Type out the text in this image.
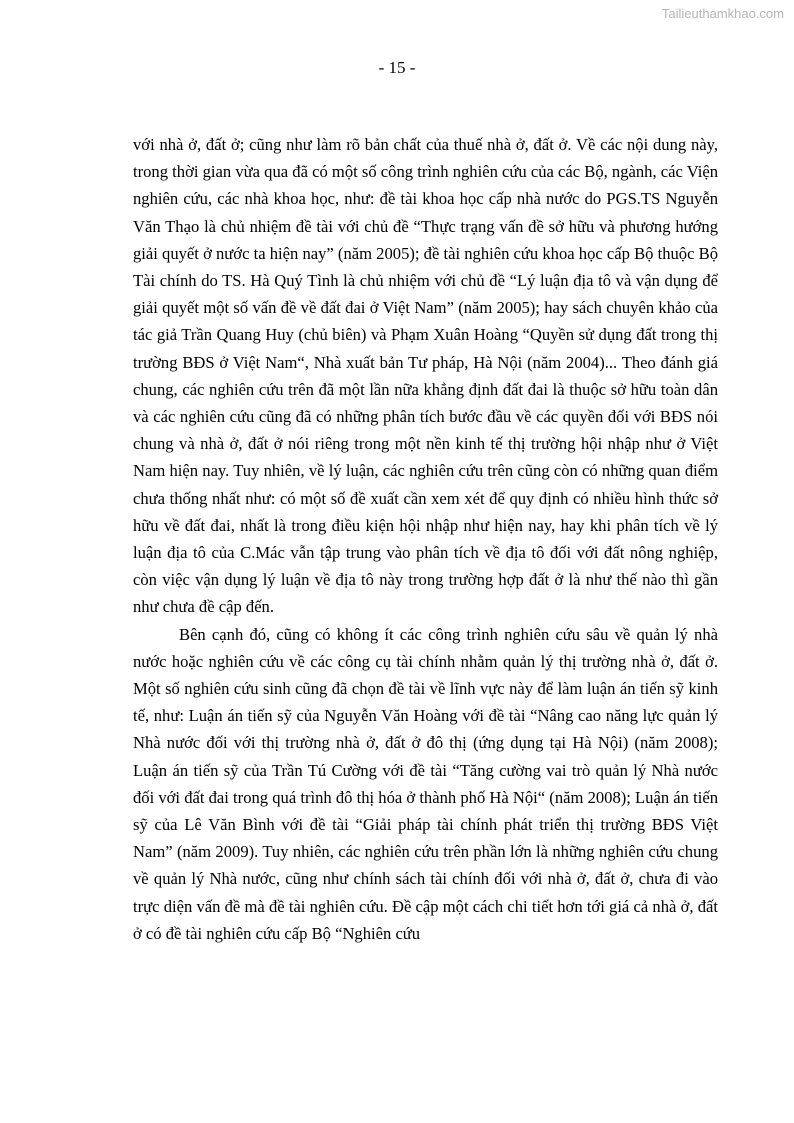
Tailieuthamkhao.com
- 15 -

với nhà ở, đất ở; cũng như làm rõ bản chất của thuế nhà ở, đất ở. Về các nội dung này, trong thời gian vừa qua đã có một số công trình nghiên cứu của các Bộ, ngành, các Viện nghiên cứu, các nhà khoa học, như: đề tài khoa học cấp nhà nước do PGS.TS Nguyễn Văn Thạo là chủ nhiệm đề tài với chủ đề “Thực trạng vấn đề sở hữu và phương hướng giải quyết ở nước ta hiện nay” (năm 2005); đề tài nghiên cứu khoa học cấp Bộ thuộc Bộ Tài chính do TS. Hà Quý Tình là chủ nhiệm với chủ đề “Lý luận địa tô và vận dụng để giải quyết một số vấn đề về đất đai ở Việt Nam” (năm 2005); hay sách chuyên khảo của tác giả Trần Quang Huy (chủ biên) và Phạm Xuân Hoàng “Quyền sử dụng đất trong thị trường BĐS ở Việt Nam“, Nhà xuất bản Tư pháp, Hà Nội (năm 2004)... Theo đánh giá chung, các nghiên cứu trên đã một lần nữa khẳng định đất đai là thuộc sở hữu toàn dân và các nghiên cứu cũng đã có những phân tích bước đầu về các quyền đối với BĐS nói chung và nhà ở, đất ở nói riêng trong một nền kinh tế thị trường hội nhập như ở Việt Nam hiện nay. Tuy nhiên, về lý luận, các nghiên cứu trên cũng còn có những quan điểm chưa thống nhất như: có một số đề xuất cần xem xét để quy định có nhiều hình thức sở hữu về đất đai, nhất là trong điều kiện hội nhập như hiện nay, hay khi phân tích về lý luận địa tô của C.Mác vẫn tập trung vào phân tích về địa tô đối với đất nông nghiệp, còn việc vận dụng lý luận về địa tô này trong trường hợp đất ở là như thế nào thì gần như chưa đề cập đến.

Bên cạnh đó, cũng có không ít các công trình nghiên cứu sâu về quản lý nhà nước hoặc nghiên cứu về các công cụ tài chính nhằm quản lý thị trường nhà ở, đất ở. Một số nghiên cứu sinh cũng đã chọn đề tài về lĩnh vực này để làm luận án tiến sỹ kinh tế, như: Luận án tiến sỹ của Nguyễn Văn Hoàng với đề tài “Nâng cao năng lực quản lý Nhà nước đối với thị trường nhà ở, đất ở đô thị (ứng dụng tại Hà Nội) (năm 2008); Luận án tiến sỹ của Trần Tú Cường với đề tài “Tăng cường vai trò quản lý Nhà nước đối với đất đai trong quá trình đô thị hóa ở thành phố Hà Nội“ (năm 2008); Luận án tiến sỹ của Lê Văn Bình với đề tài “Giải pháp tài chính phát triển thị trường BĐS Việt Nam” (năm 2009). Tuy nhiên, các nghiên cứu trên phần lớn là những nghiên cứu chung về quản lý Nhà nước, cũng như chính sách tài chính đối với nhà ở, đất ở, chưa đi vào trực diện vấn đề mà đề tài nghiên cứu. Đề cập một cách chi tiết hơn tới giá cả nhà ở, đất ở có đề tài nghiên cứu cấp Bộ “Nghiên cứu
